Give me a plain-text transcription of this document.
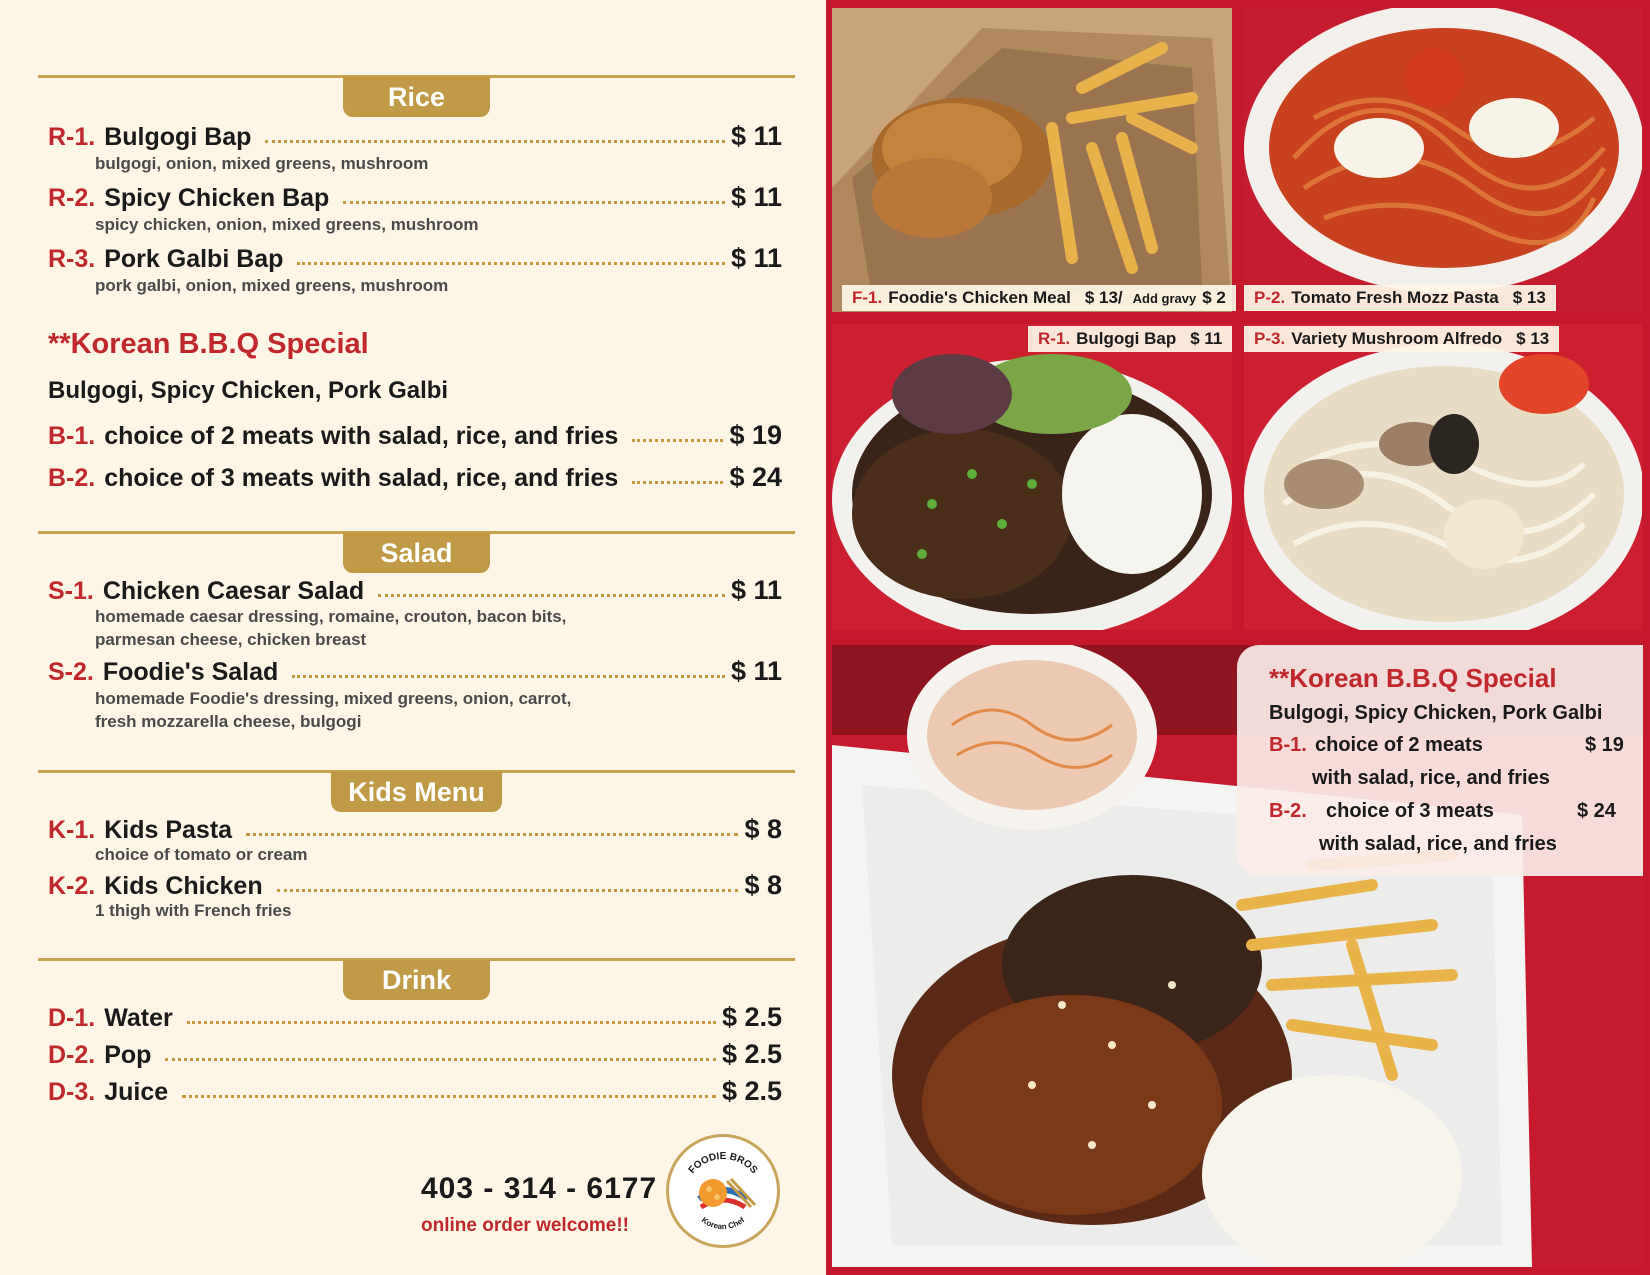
Rice
R-1. Bulgogi Bap	$ 11
bulgogi, onion, mixed greens, mushroom
R-2. Spicy Chicken Bap	$ 11
spicy chicken, onion, mixed greens, mushroom
R-3. Pork Galbi Bap	$ 11
pork galbi, onion, mixed greens, mushroom
**Korean B.B.Q Special
Bulgogi, Spicy Chicken, Pork Galbi
B-1. choice of 2 meats with salad, rice, and fries	$ 19
B-2. choice of 3 meats with salad, rice, and fries	$ 24
Salad
S-1. Chicken Caesar Salad	$ 11
homemade caesar dressing, romaine, crouton, bacon bits,
parmesan cheese, chicken breast
S-2. Foodie's Salad	$ 11
homemade Foodie's dressing, mixed greens, onion, carrot,
fresh mozzarella cheese, bulgogi
Kids Menu
K-1. Kids Pasta	$ 8
choice of tomato or cream
K-2. Kids Chicken	$ 8
1 thigh with French fries
Drink
D-1. Water	$ 2.5
D-2. Pop	$ 2.5
D-3. Juice	$ 2.5
403 - 314 - 6177
online order welcome!!
FOODIE BROS
Korean Chef
F-1. Foodie's Chicken Meal $ 13/ Add gravy $ 2 P-2. Tomato Fresh Mozz Pasta $ 13
R-1. Bulgogi Bap $ 11 P-3. Variety Mushroom Alfredo $ 13
**Korean B.B.Q Special
Bulgogi, Spicy Chicken, Pork Galbi
B-1. choice of 2 meats	$ 19
with salad, rice, and fries
B-2. choice of 3 meats	$ 24
with salad, rice, and fries
